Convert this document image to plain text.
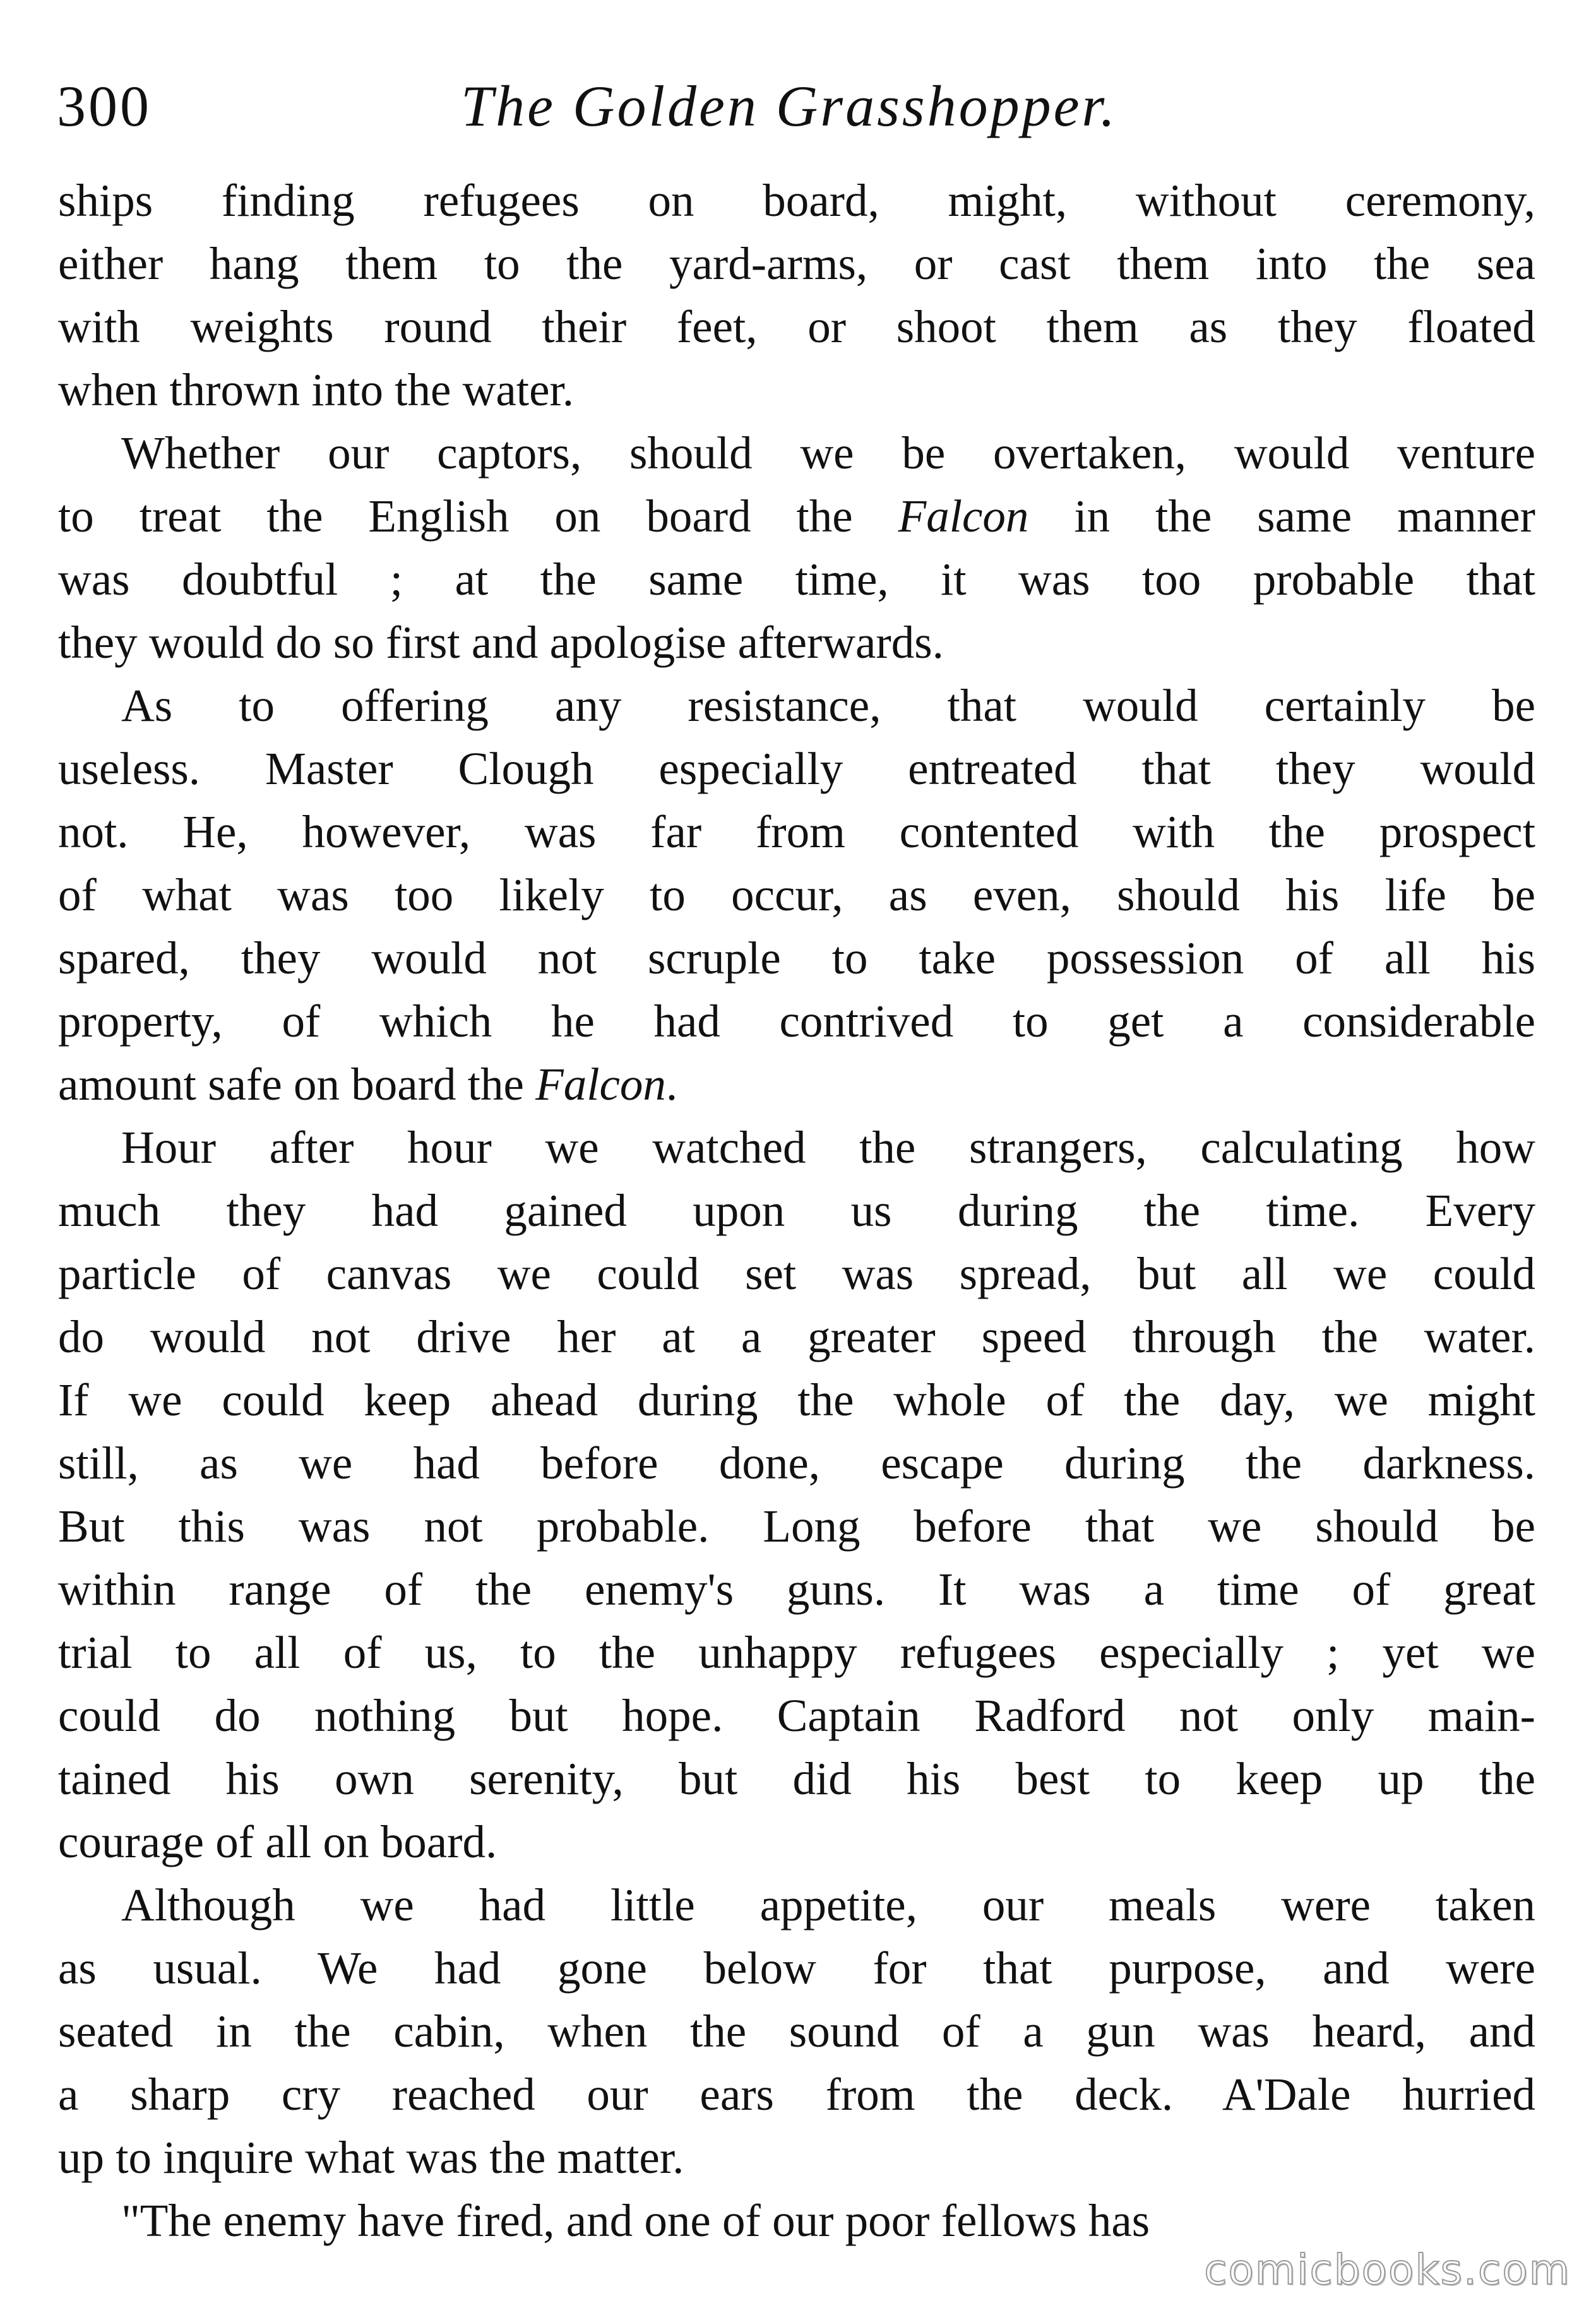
300	The Golden Grasshopper.
ships finding refugees on board, might, without ceremony,
either hang them to the yard-arms, or cast them into the sea
with weights round their feet, or shoot them as they floated
when thrown into the water.
Whether our captors, should we be overtaken, would venture
to treat the English on board the Falcon in the same manner
was doubtful ; at the same time, it was too probable that
they would do so first and apologise afterwards.
As to offering any resistance, that would certainly be
useless. Master Clough especially entreated that they would
not. He, however, was far from contented with the prospect
of what was too likely to occur, as even, should his life be
spared, they would not scruple to take possession of all his
property, of which he had contrived to get a considerable
amount safe on board the Falcon.
Hour after hour we watched the strangers, calculating how
much they had gained upon us during the time. Every
particle of canvas we could set was spread, but all we could
do would not drive her at a greater speed through the water.
If we could keep ahead during the whole of the day, we might
still, as we had before done, escape during the darkness.
But this was not probable. Long before that we should be
within range of the enemy's guns. It was a time of great
trial to all of us, to the unhappy refugees especially ; yet we
could do nothing but hope. Captain Radford not only main-
tained his own serenity, but did his best to keep up the
courage of all on board.
Although we had little appetite, our meals were taken
as usual. We had gone below for that purpose, and were
seated in the cabin, when the sound of a gun was heard, and
a sharp cry reached our ears from the deck. A'Dale hurried
up to inquire what was the matter.
"The enemy have fired, and one of our poor fellows has
comicbooks.com
